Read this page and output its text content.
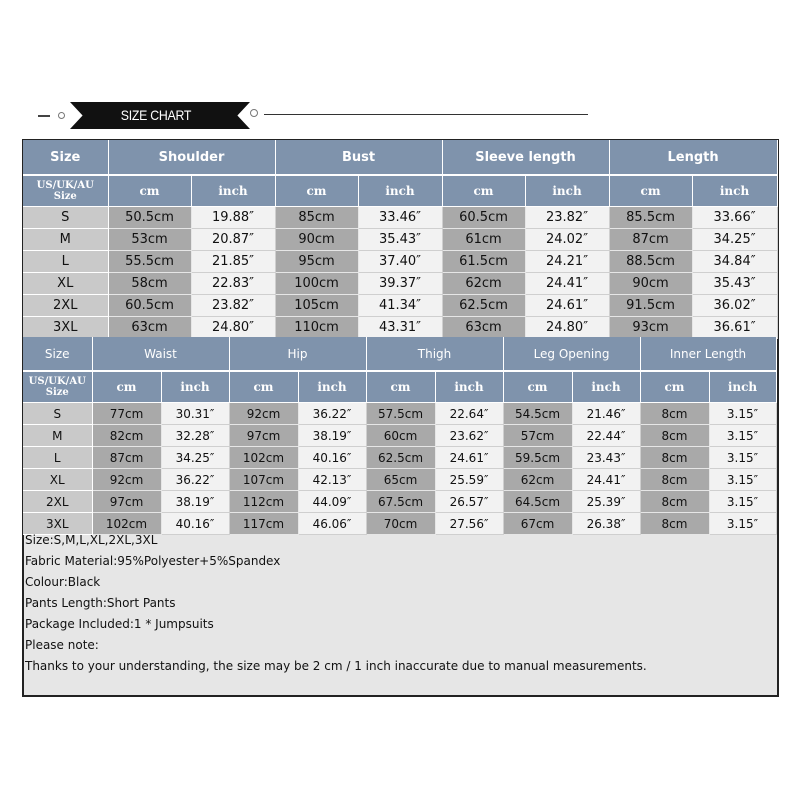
SIZE CHART
Size	Shoulder		Bust		Sleeve length		Length	

US/UK/AU
Size	cm	inch	cm	inch	cm	inch	cm	inch
S	50.5cm	19.88″	85cm	33.46″	60.5cm	23.82″	85.5cm	33.66″
M	53cm	20.87″	90cm	35.43″	61cm	24.02″	87cm	34.25″
L	55.5cm	21.85″	95cm	37.40″	61.5cm	24.21″	88.5cm	34.84″
XL	58cm	22.83″	100cm	39.37″	62cm	24.41″	90cm	35.43″
2XL	60.5cm	23.82″	105cm	41.34″	62.5cm	24.61″	91.5cm	36.02″
3XL	63cm	24.80″	110cm	43.31″	63cm	24.80″	93cm	36.61″
Size	Waist		Hip		Thigh		Leg Opening		Inner Length	

US/UK/AU
Size	cm	inch	cm	inch	cm	inch	cm	inch	cm	inch
S	77cm	30.31″	92cm	36.22″	57.5cm	22.64″	54.5cm	21.46″	8cm	3.15″
M	82cm	32.28″	97cm	38.19″	60cm	23.62″	57cm	22.44″	8cm	3.15″
L	87cm	34.25″	102cm	40.16″	62.5cm	24.61″	59.5cm	23.43″	8cm	3.15″
XL	92cm	36.22″	107cm	42.13″	65cm	25.59″	62cm	24.41″	8cm	3.15″
2XL	97cm	38.19″	112cm	44.09″	67.5cm	26.57″	64.5cm	25.39″	8cm	3.15″
3XL	102cm	40.16″	117cm	46.06″	70cm	27.56″	67cm	26.38″	8cm	3.15″
Size:S,M,L,XL,2XL,3XL
Fabric Material:95%Polyester+5%Spandex
Colour:Black
Pants Length:Short Pants
Package Included:1 * Jumpsuits
Please note:
Thanks to your understanding, the size may be 2 cm / 1 inch inaccurate due to manual measurements.
